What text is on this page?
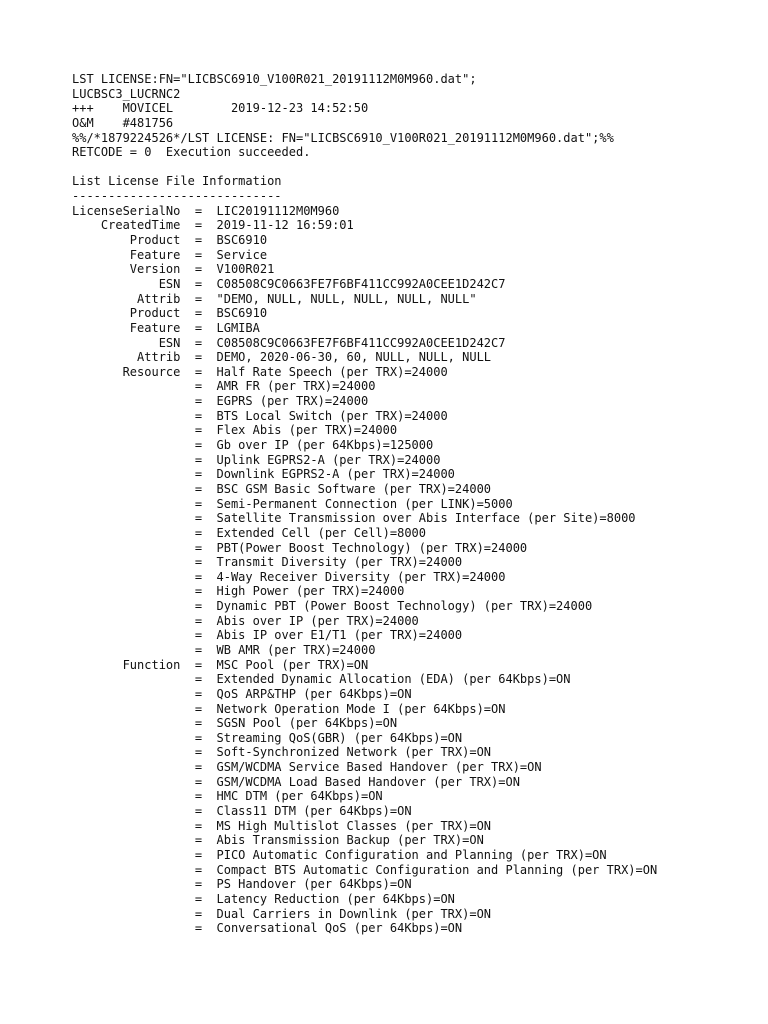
LST LICENSE:FN="LICBSC6910_V100R021_20191112M0M960.dat";
LUCBSC3_LUCRNC2
+++    MOVICEL        2019-12-23 14:52:50
O&M    #481756
%%/*1879224526*/LST LICENSE: FN="LICBSC6910_V100R021_20191112M0M960.dat";%%
RETCODE = 0  Execution succeeded.
List License File Information
-----------------------------
LicenseSerialNo  =  LIC20191112M0M960
CreatedTime  =  2019-11-12 16:59:01
Product  =  BSC6910
Feature  =  Service
Version  =  V100R021
ESN  =  C08508C9C0663FE7F6BF411CC992A0CEE1D242C7
Attrib  =  "DEMO, NULL, NULL, NULL, NULL, NULL"
Product  =  BSC6910
Feature  =  LGMIBA
ESN  =  C08508C9C0663FE7F6BF411CC992A0CEE1D242C7
Attrib  =  DEMO, 2020-06-30, 60, NULL, NULL, NULL
Resource  =  Half Rate Speech (per TRX)=24000
=  AMR FR (per TRX)=24000
=  EGPRS (per TRX)=24000
=  BTS Local Switch (per TRX)=24000
=  Flex Abis (per TRX)=24000
=  Gb over IP (per 64Kbps)=125000
=  Uplink EGPRS2-A (per TRX)=24000
=  Downlink EGPRS2-A (per TRX)=24000
=  BSC GSM Basic Software (per TRX)=24000
=  Semi-Permanent Connection (per LINK)=5000
=  Satellite Transmission over Abis Interface (per Site)=8000
=  Extended Cell (per Cell)=8000
=  PBT(Power Boost Technology) (per TRX)=24000
=  Transmit Diversity (per TRX)=24000
=  4-Way Receiver Diversity (per TRX)=24000
=  High Power (per TRX)=24000
=  Dynamic PBT (Power Boost Technology) (per TRX)=24000
=  Abis over IP (per TRX)=24000
=  Abis IP over E1/T1 (per TRX)=24000
=  WB AMR (per TRX)=24000
Function  =  MSC Pool (per TRX)=ON
=  Extended Dynamic Allocation (EDA) (per 64Kbps)=ON
=  QoS ARP&THP (per 64Kbps)=ON
=  Network Operation Mode I (per 64Kbps)=ON
=  SGSN Pool (per 64Kbps)=ON
=  Streaming QoS(GBR) (per 64Kbps)=ON
=  Soft-Synchronized Network (per TRX)=ON
=  GSM/WCDMA Service Based Handover (per TRX)=ON
=  GSM/WCDMA Load Based Handover (per TRX)=ON
=  HMC DTM (per 64Kbps)=ON
=  Class11 DTM (per 64Kbps)=ON
=  MS High Multislot Classes (per TRX)=ON
=  Abis Transmission Backup (per TRX)=ON
=  PICO Automatic Configuration and Planning (per TRX)=ON
=  Compact BTS Automatic Configuration and Planning (per TRX)=ON
=  PS Handover (per 64Kbps)=ON
=  Latency Reduction (per 64Kbps)=ON
=  Dual Carriers in Downlink (per TRX)=ON
=  Conversational QoS (per 64Kbps)=ON
